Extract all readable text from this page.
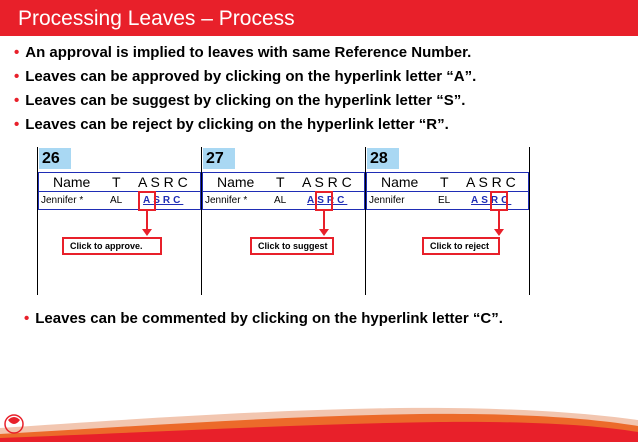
Processing Leaves – Process
• An approval is implied to leaves with same Reference Number.
• Leaves can be approved by clicking on the hyperlink letter “A”.
• Leaves can be suggest by clicking on the hyperlink letter “S”.
• Leaves can be reject by clicking on the hyperlink letter “R”.
26
Name T A S R C
Jennifer *	AL ASRC
Click to approve.
27
Name T A S R C
Jennifer *	AL ASRC
Click to suggest
28
Name T A S R C
Jennifer	EL ASRC
Click to reject
• Leaves can be commented by clicking on the hyperlink letter “C”.
